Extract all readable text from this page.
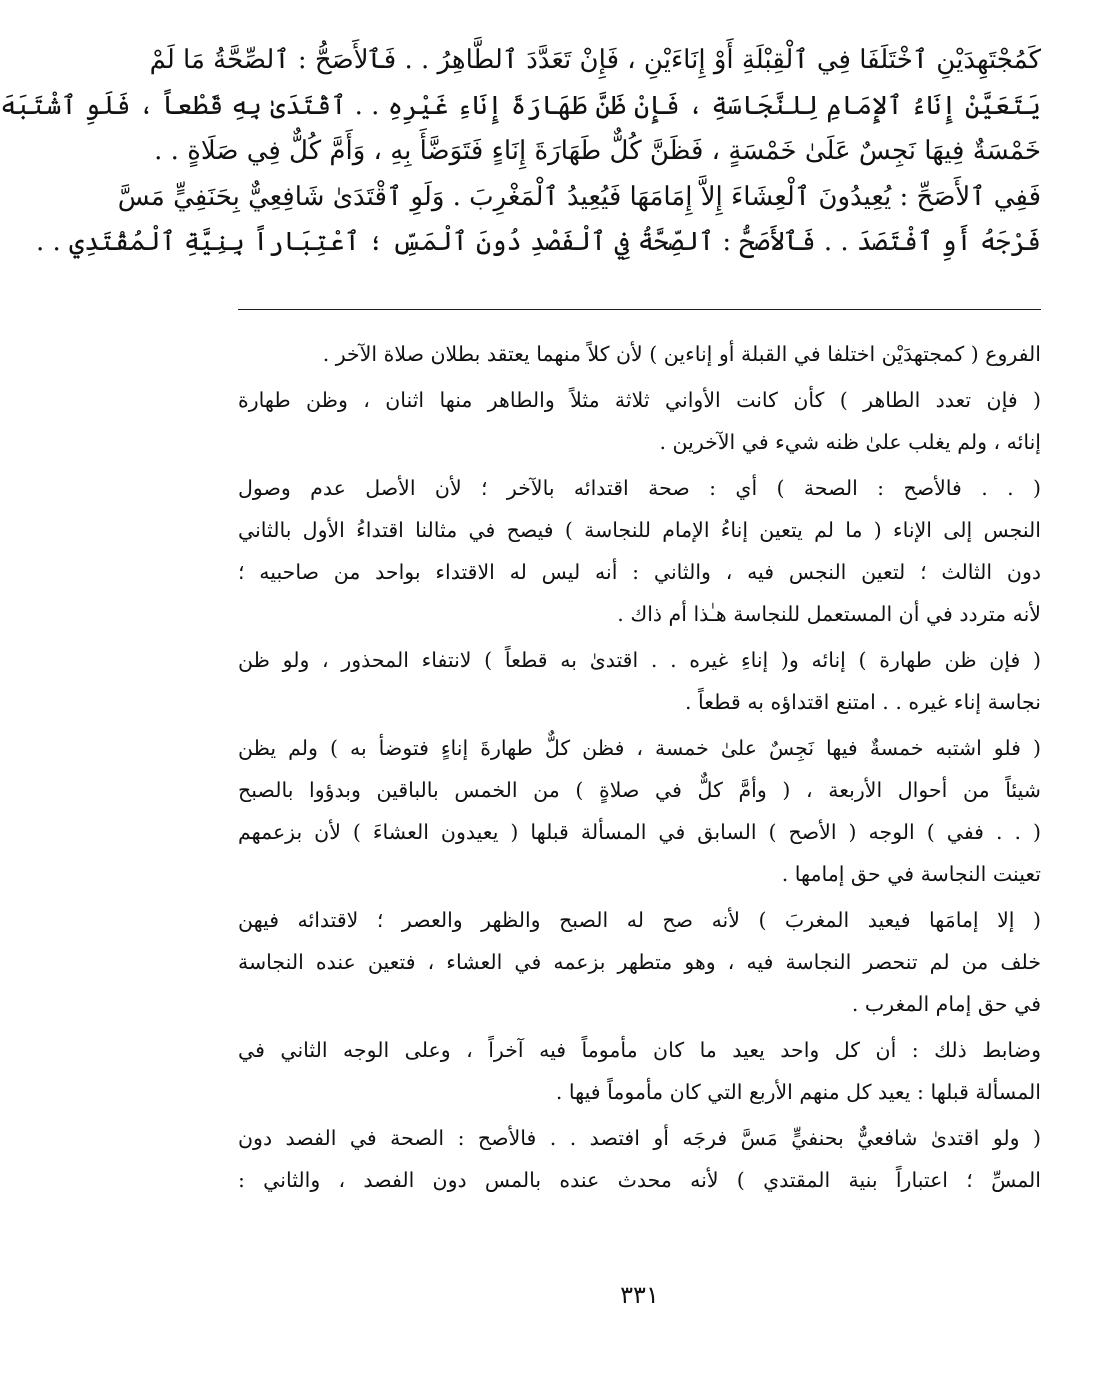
كَمُجْتَهِدَيْنِ ٱخْتَلَفَا فِي ٱلْقِبْلَةِ أَوْ إِنَاءَيْنِ ، فَإِنْ تَعَدَّدَ ٱلطَّاهِرُ . . فَٱلأَصَحُّ : ٱلصِّحَّةُ مَا لَمْ
يَتَعَيَّنْ إِنَاءُ ٱلإِمَامِ لِلنَّجَاسَةِ ، فَإِنْ ظَنَّ طَهَارَةَ إِنَاءِ غَيْرِهِ . . ٱقْتَدَىٰ بِهِ قَطْعاً ، فَلَوِ ٱشْتَبَهَ
خَمْسَةٌ فِيهَا نَجِسٌ عَلَىٰ خَمْسَةٍ ، فَظَنَّ كُلٌّ طَهَارَةَ إِنَاءٍ فَتَوَضَّأَ بِهِ ، وَأَمَّ كُلٌّ فِي صَلَاةٍ . .
فَفِي ٱلأَصَحِّ : يُعِيدُونَ ٱلْعِشَاءَ إِلاَّ إِمَامَهَا فَيُعِيدُ ٱلْمَغْرِبَ . وَلَوِ ٱقْتَدَىٰ شَافِعِيٌّ بِحَنَفِيٍّ مَسَّ
فَرْجَهُ أَوِ ٱفْتَصَدَ . . فَٱلأَصَحُّ : ٱلصِّحَّةُ فِي ٱلْفَصْدِ دُونَ ٱلْمَسِّ ؛ ٱعْتِبَاراً بِنِيَّةِ ٱلْمُقْتَدِي . .
الفروع ( كمجتهدَيْن اختلفا في القبلة أو إناءين ) لأن كلاً منهما يعتقد بطلان صلاة الآخر .
( فإن تعدد الطاهر ) كأن كانت الأواني ثلاثة مثلاً والطاهر منها اثنان ، وظن طهارة
إنائه ، ولم يغلب علىٰ ظنه شيء في الآخرين .
( . . فالأصح : الصحة ) أي : صحة اقتدائه بالآخر ؛ لأن الأصل عدم وصول
النجس إلى الإناء ( ما لم يتعين إناءُ الإمام للنجاسة ) فيصح في مثالنا اقتداءُ الأول بالثاني
دون الثالث ؛ لتعين النجس فيه ، والثاني : أنه ليس له الاقتداء بواحد من صاحبيه ؛
لأنه متردد في أن المستعمل للنجاسة هـٰذا أم ذاك .
( فإن ظن طهارة ) إنائه و( إناءِ غيره . . اقتدىٰ به قطعاً ) لانتفاء المحذور ، ولو ظن
نجاسة إناء غيره . . امتنع اقتداؤه به قطعاً .
( فلو اشتبه خمسةٌ فيها نَجِسٌ علىٰ خمسة ، فظن كلٌّ طهارةَ إناءٍ فتوضأ به ) ولم يظن
شيئاً من أحوال الأربعة ، ( وأمَّ كلٌّ في صلاةٍ ) من الخمس بالباقين وبدؤوا بالصبح
( . . ففي ) الوجه ( الأصح ) السابق في المسألة قبلها ( يعيدون العشاءَ ) لأن بزعمهم
تعينت النجاسة في حق إمامها .
( إلا إمامَها فيعيد المغربَ ) لأنه صح له الصبح والظهر والعصر ؛ لاقتدائه فيهن
خلف من لم تنحصر النجاسة فيه ، وهو متطهر بزعمه في العشاء ، فتعين عنده النجاسة
في حق إمام المغرب .
وضابط ذلك : أن كل واحد يعيد ما كان مأموماً فيه آخراً ، وعلى الوجه الثاني في
المسألة قبلها : يعيد كل منهم الأربع التي كان مأموماً فيها .
( ولو اقتدىٰ شافعيٌّ بحنفيٍّ مَسَّ فرجَه أو افتصد . . فالأصح : الصحة في الفصد دون
المسِّ ؛ اعتباراً بنية المقتدي ) لأنه محدث عنده بالمس دون الفصد ، والثاني :
٣٣١
